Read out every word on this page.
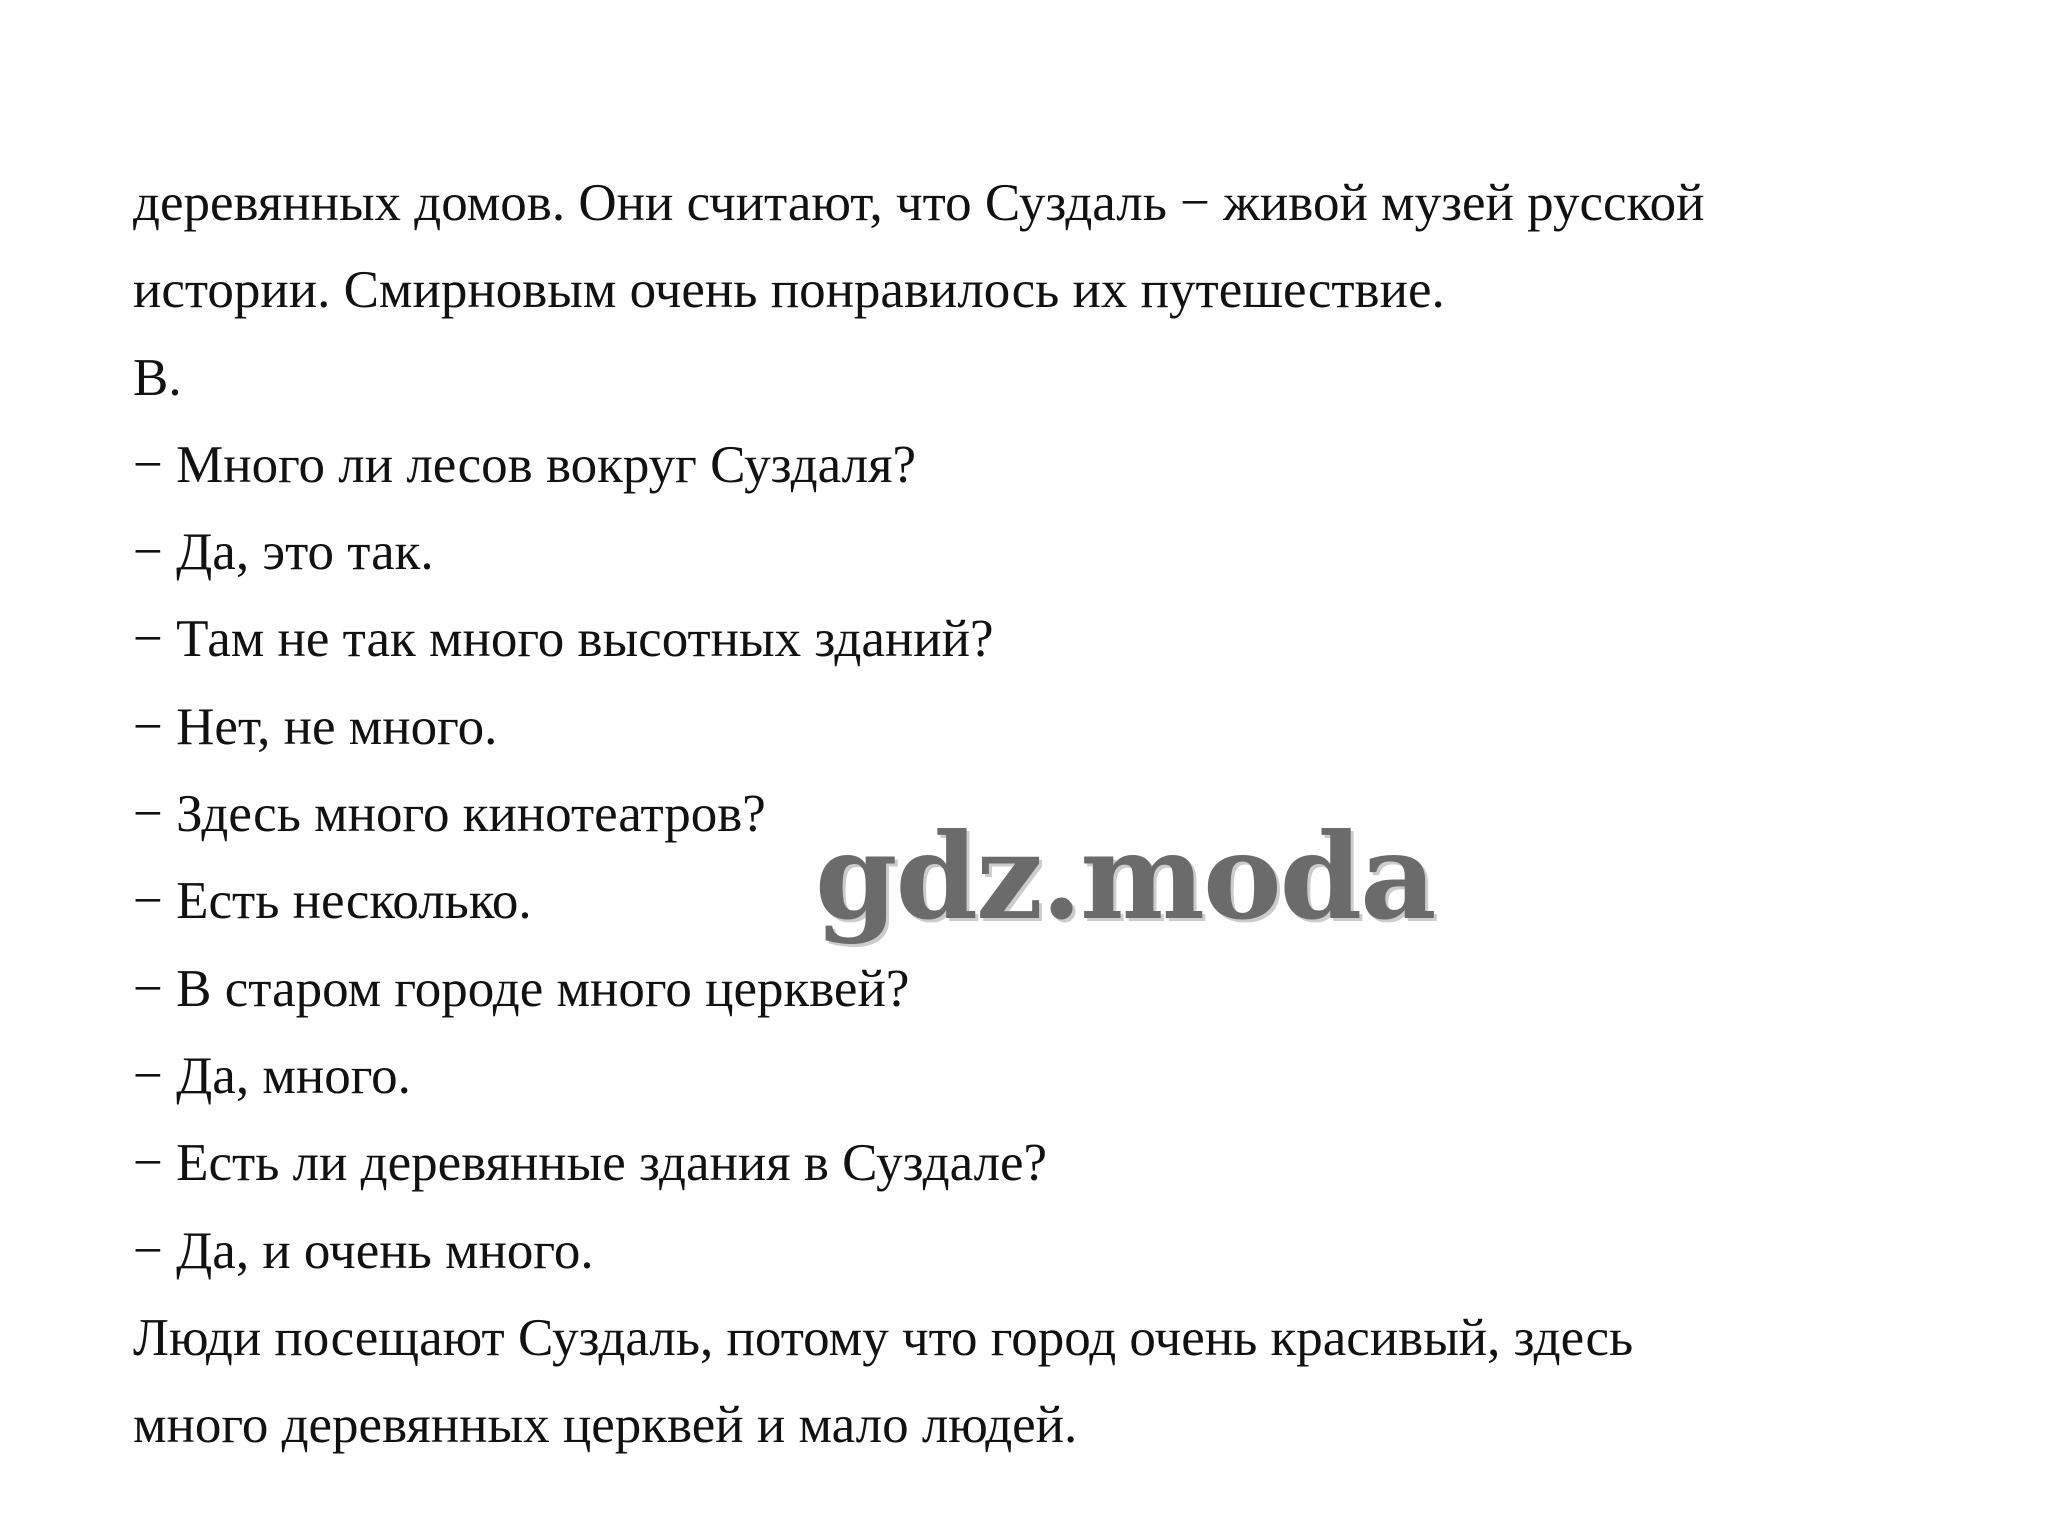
деревянных домов. Они считают, что Суздаль − живой музей русской
истории. Смирновым очень понравилось их путешествие.
B.
− Много ли лесов вокруг Суздаля?
− Да, это так.
− Там не так много высотных зданий?
− Нет, не много.
− Здесь много кинотеатров?
− Есть несколько.
− В старом городе много церквей?
− Да, много.
− Есть ли деревянные здания в Суздале?
− Да, и очень много.
Люди посещают Суздаль, потому что город очень красивый, здесь
много деревянных церквей и мало людей.
gdz.moda
